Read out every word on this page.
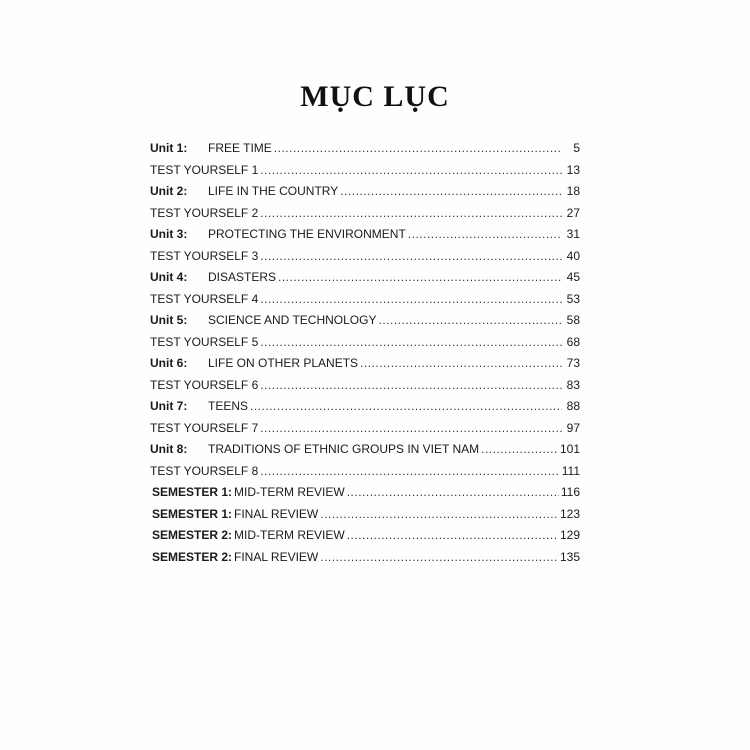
MỤC LỤC
Unit 1:	FREE TIME .....	5
TEST YOURSELF 1 .....	13
Unit 2:	LIFE IN THE COUNTRY .....	18
TEST YOURSELF 2 .....	27
Unit 3:	PROTECTING THE ENVIRONMENT .....	31
TEST YOURSELF 3 .....	40
Unit 4:	DISASTERS .....	45
TEST YOURSELF 4 .....	53
Unit 5:	SCIENCE AND TECHNOLOGY .....	58
TEST YOURSELF 5 .....	68
Unit 6:	LIFE ON OTHER PLANETS .....	73
TEST YOURSELF 6 .....	83
Unit 7:	TEENS .....	88
TEST YOURSELF 7 .....	97
Unit 8:	TRADITIONS OF ETHNIC GROUPS IN VIET NAM .....	101
TEST YOURSELF 8 .....	111
SEMESTER 1: MID-TERM REVIEW .....	116
SEMESTER 1: FINAL REVIEW .....	123
SEMESTER 2: MID-TERM REVIEW .....	129
SEMESTER 2: FINAL REVIEW .....	135
